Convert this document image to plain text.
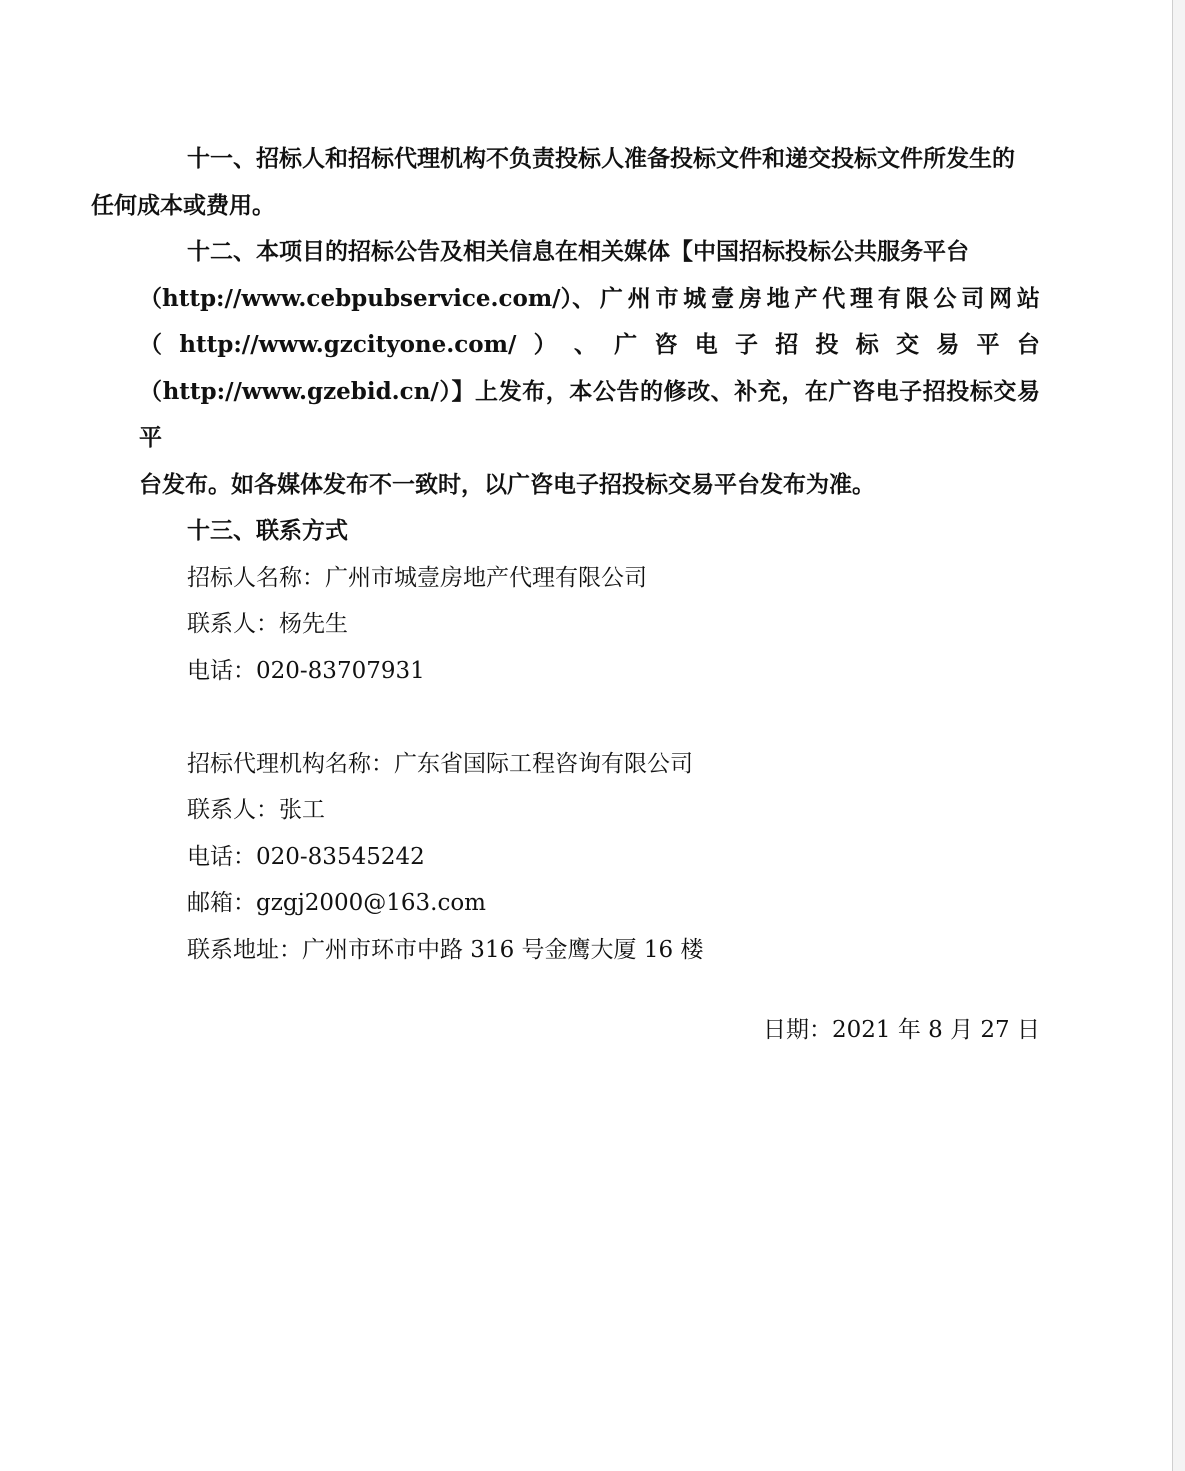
十一、招标人和招标代理机构不负责投标人准备投标文件和递交投标文件所发生的
任何成本或费用。

十二、本项目的招标公告及相关信息在相关媒体【中国招标投标公共服务平台

（http://www.cebpubservice.com/）、 广 州 市 城 壹 房 地 产 代 理 有 限 公 司 网 站
（ http://www.gzcityone.com/ ） 、 广 咨 电 子 招 投 标 交 易 平 台

（http://www.gzebid.cn/）】上发布，本公告的修改、补充，在广咨电子招投标交易平

台发布。如各媒体发布不一致时，以广咨电子招投标交易平台发布为准。

十三、联系方式

招标人名称：广州市城壹房地产代理有限公司

联系人：杨先生

电话：020-83707931

招标代理机构名称：广东省国际工程咨询有限公司

联系人：张工

电话：020-83545242

邮箱：gzgj2000@163.com

联系地址：广州市环市中路 316 号金鹰大厦 16 楼

日期：2021 年 8 月 27 日
